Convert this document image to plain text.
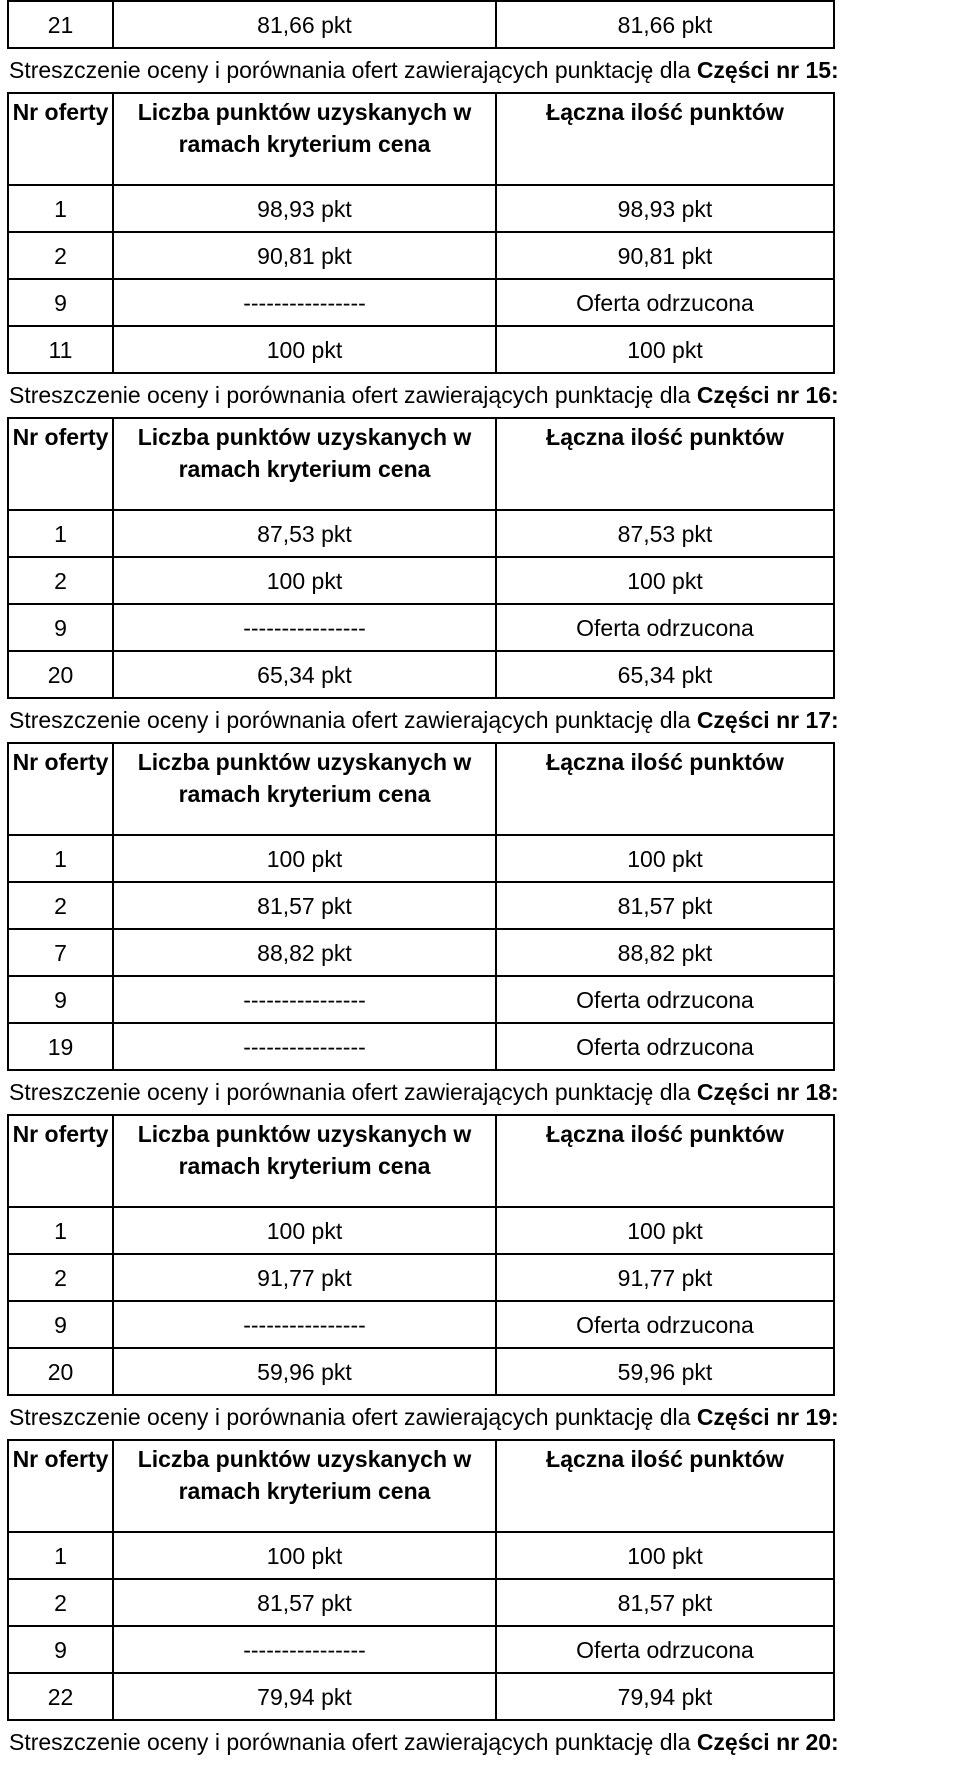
21	81,66 pkt	81,66 pkt
Streszczenie oceny i porównania ofert zawierających punktację dla Części nr 15:
Nr oferty	Liczba punktów uzyskanych w ramach kryterium cena	Łączna ilość punktów
1	98,93 pkt	98,93 pkt
2	90,81 pkt	90,81 pkt
9	----------------	Oferta odrzucona
11	100 pkt	100 pkt
Streszczenie oceny i porównania ofert zawierających punktację dla Części nr 16:
Nr oferty	Liczba punktów uzyskanych w ramach kryterium cena	Łączna ilość punktów
1	87,53 pkt	87,53 pkt
2	100 pkt	100 pkt
9	----------------	Oferta odrzucona
20	65,34 pkt	65,34 pkt
Streszczenie oceny i porównania ofert zawierających punktację dla Części nr 17:
Nr oferty	Liczba punktów uzyskanych w ramach kryterium cena	Łączna ilość punktów
1	100 pkt	100 pkt
2	81,57 pkt	81,57 pkt
7	88,82 pkt	88,82 pkt
9	----------------	Oferta odrzucona
19	----------------	Oferta odrzucona
Streszczenie oceny i porównania ofert zawierających punktację dla Części nr 18:
Nr oferty	Liczba punktów uzyskanych w ramach kryterium cena	Łączna ilość punktów
1	100 pkt	100 pkt
2	91,77 pkt	91,77 pkt
9	----------------	Oferta odrzucona
20	59,96 pkt	59,96 pkt
Streszczenie oceny i porównania ofert zawierających punktację dla Części nr 19:
Nr oferty	Liczba punktów uzyskanych w ramach kryterium cena	Łączna ilość punktów
1	100 pkt	100 pkt
2	81,57 pkt	81,57 pkt
9	----------------	Oferta odrzucona
22	79,94 pkt	79,94 pkt
Streszczenie oceny i porównania ofert zawierających punktację dla Części nr 20:
